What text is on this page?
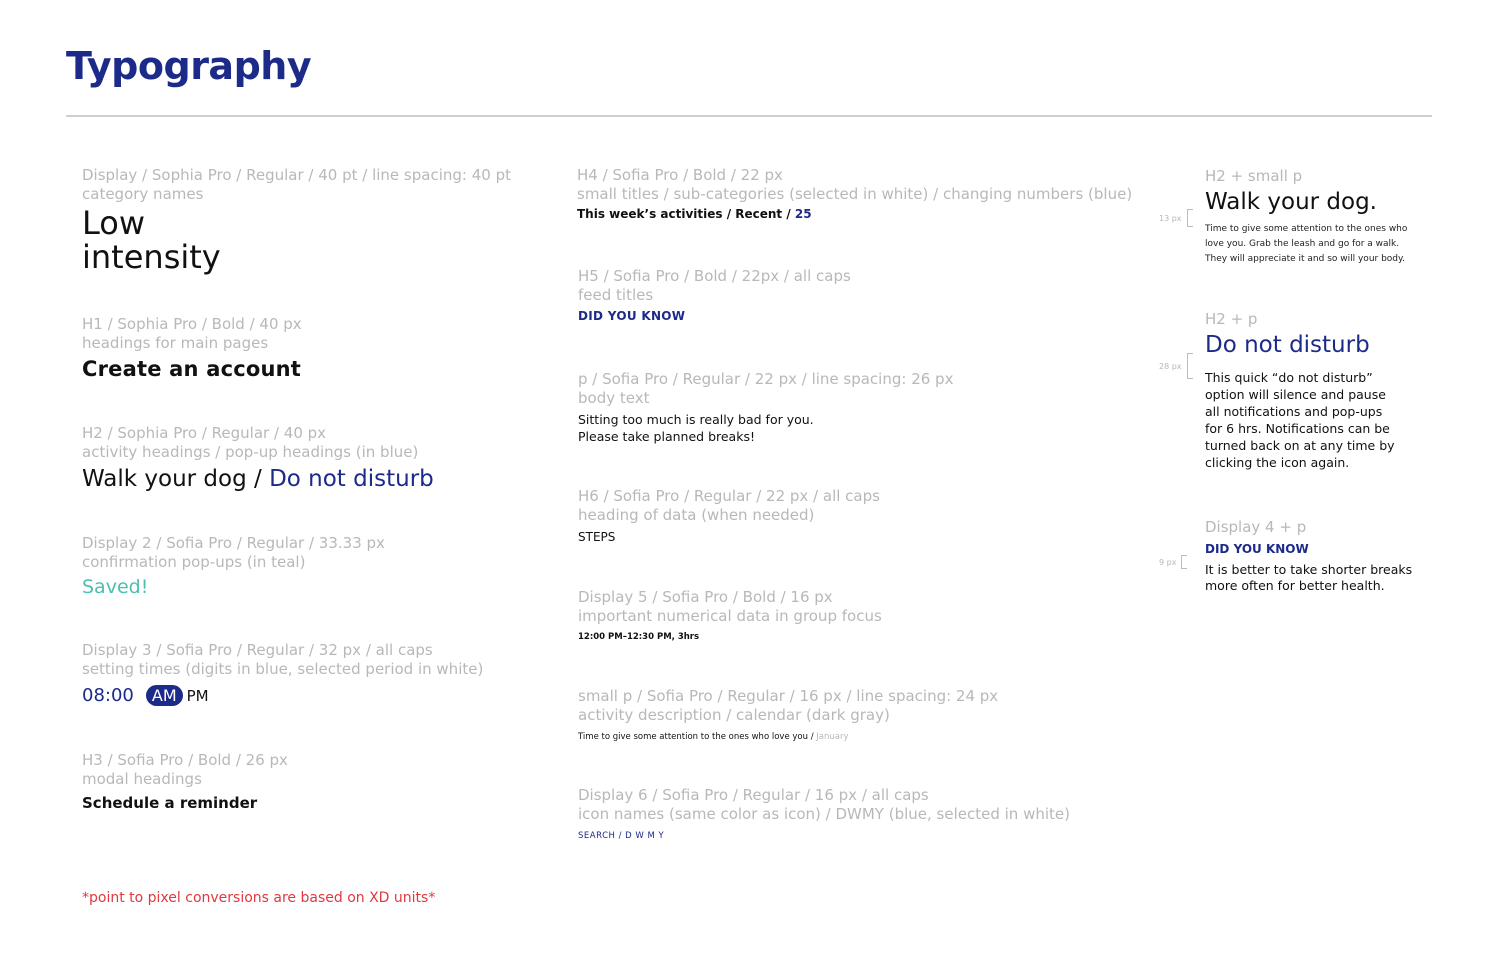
Typography
Display / Sophia Pro / Regular / 40 pt / line spacing: 40 pt
category names
Low
intensity
H1 / Sophia Pro / Bold / 40 px
headings for main pages
Create an account
H2 / Sophia Pro / Regular / 40 px
activity headings / pop-up headings (in blue)
Walk your dog / Do not disturb
Display 2 / Sofia Pro / Regular / 33.33 px
confirmation pop-ups (in teal)
Saved!
Display 3 / Sofia Pro / Regular / 32 px / all caps
setting times (digits in blue, selected period in white)
08:00	AM PM
H3 / Sofia Pro / Bold / 26 px
modal headings
Schedule a reminder
H4 / Sofia Pro / Bold / 22 px
small titles / sub-categories (selected in white) / changing numbers (blue)
This week’s activities / Recent / 25
H5 / Sofia Pro / Bold / 22px / all caps
feed titles
DID YOU KNOW
p / Sofia Pro / Regular / 22 px / line spacing: 26 px
body text
Sitting too much is really bad for you.
Please take planned breaks!
H6 / Sofia Pro / Regular / 22 px / all caps
heading of data (when needed)
STEPS
Display 5 / Sofia Pro / Bold / 16 px
important numerical data in group focus
12:00 PM–12:30 PM, 3hrs
small p / Sofia Pro / Regular / 16 px / line spacing: 24 px
activity description / calendar (dark gray)
Time to give some attention to the ones who love you / January
Display 6 / Sofia Pro / Regular / 16 px / all caps
icon names (same color as icon) / DWMY (blue, selected in white)
SEARCH / D W M Y
H2 + small p
Walk your dog.
Time to give some attention to the ones who love you. Grab the leash and go for a walk. They will appreciate it and so will your body.
13 px
H2 + p
Do not disturb
This quick “do not disturb” option will silence and pause all notifications and pop-ups for 6 hrs. Notifications can be turned back on at any time by clicking the icon again.
28 px
Display 4 + p
DID YOU KNOW
It is better to take shorter breaks more often for better health.
9 px
*point to pixel conversions are based on XD units*
